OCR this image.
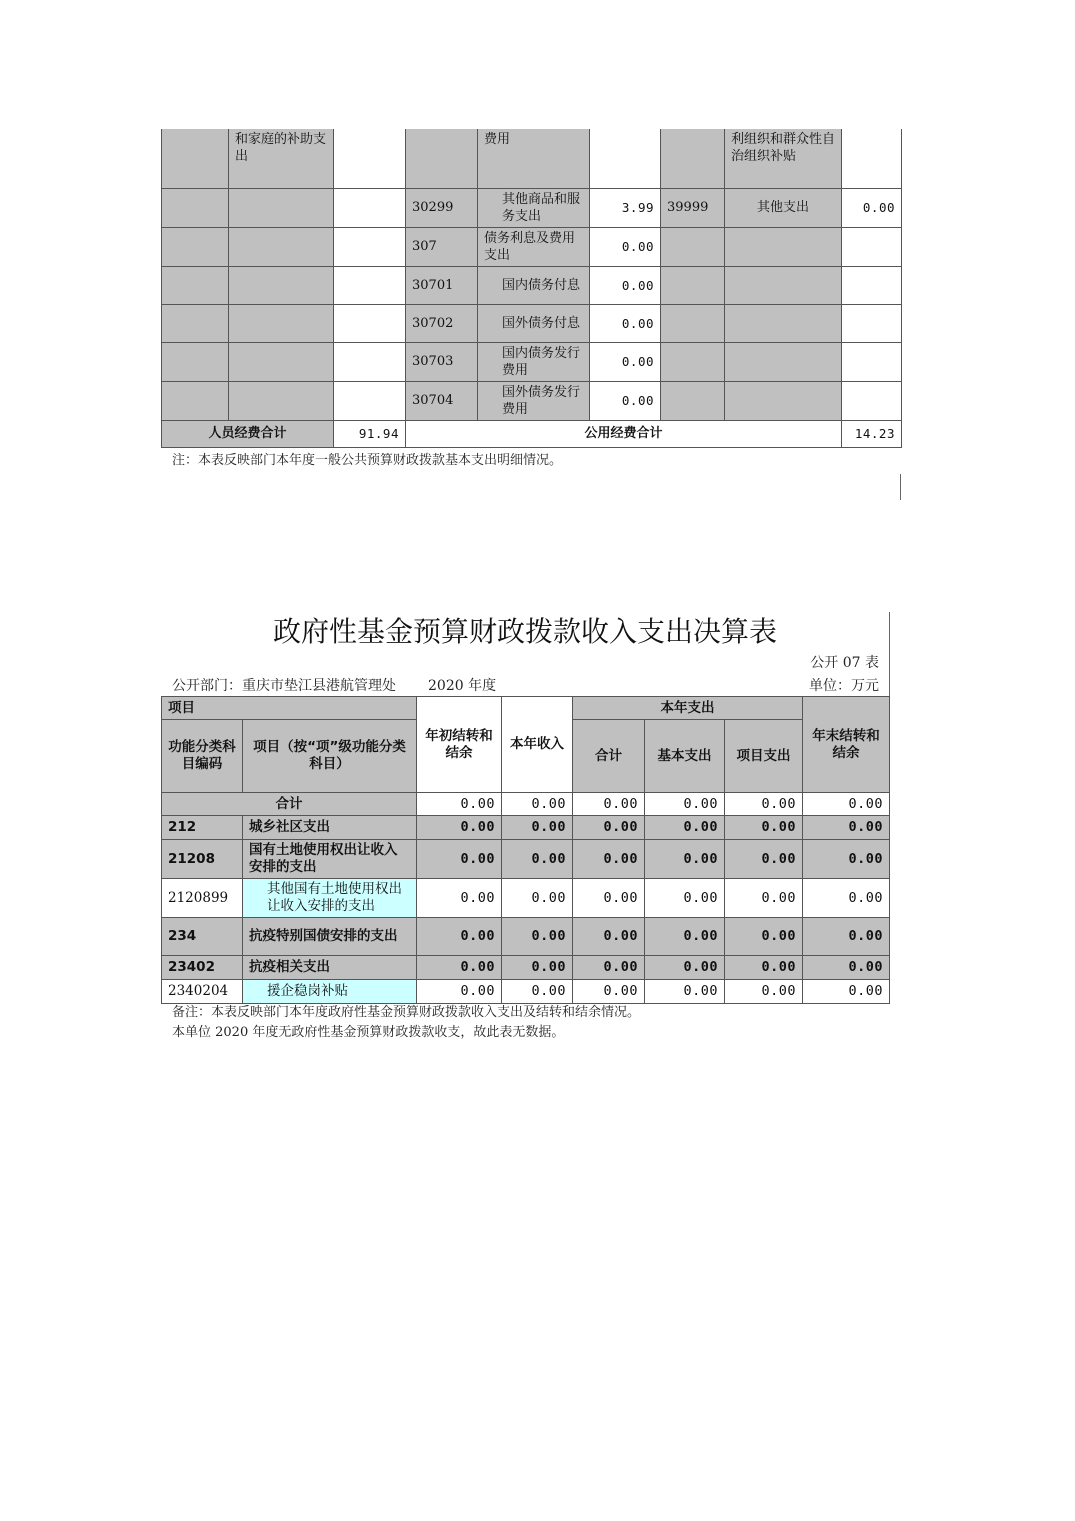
	和家庭的补助支出			费用			利组织和群众性自治组织补贴	
			30299	其他商品和服务支出	3.99	39999	其他支出	0.00
			307	债务利息及费用支出	0.00			
			30701	国内债务付息	0.00			
			30702	国外债务付息	0.00			
			30703	国内债务发行费用	0.00			
			30704	国外债务发行费用	0.00			
人员经费合计		91.94	公用经费合计					14.23
注：本表反映部门本年度一般公共预算财政拨款基本支出明细情况。
政府性基金预算财政拨款收入支出决算表
公开 07 表
公开部门：重庆市垫江县港航管理处 2020 年度	单位：万元
项目		年初结转和结余	本年收入	本年支出			年末结转和结余
功能分类科目编码	项目（按“项”级功能分类科目）			合计	基本支出	项目支出	

合计		0.00	0.00	0.00	0.00	0.00	0.00
212	城乡社区支出	0.00	0.00	0.00	0.00	0.00	0.00
21208	国有土地使用权出让收入安排的支出	0.00	0.00	0.00	0.00	0.00	0.00
2120899	其他国有土地使用权出让收入安排的支出	0.00	0.00	0.00	0.00	0.00	0.00
234	抗疫特别国债安排的支出	0.00	0.00	0.00	0.00	0.00	0.00
23402	抗疫相关支出	0.00	0.00	0.00	0.00	0.00	0.00
2340204	援企稳岗补贴	0.00	0.00	0.00	0.00	0.00	0.00
备注：本表反映部门本年度政府性基金预算财政拨款收入支出及结转和结余情况。
本单位 2020 年度无政府性基金预算财政拨款收支，故此表无数据。
